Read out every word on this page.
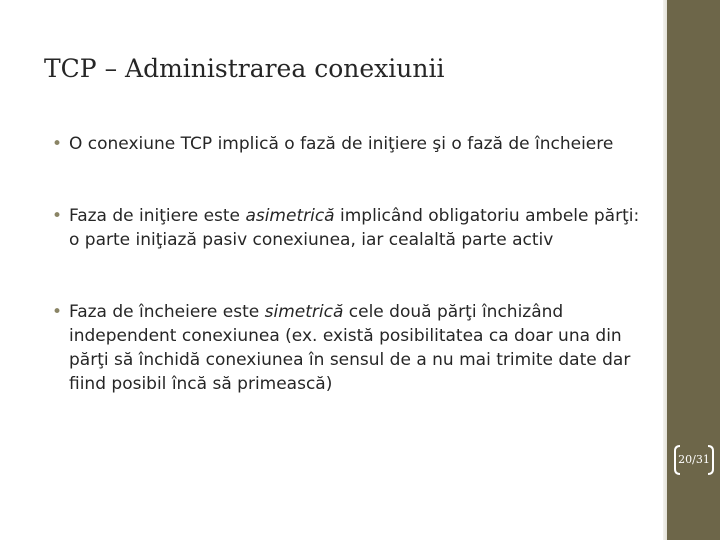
TCP – Administrarea conexiunii
• O conexiune TCP implică o fază de iniţiere şi o fază de încheiere
• Faza de iniţiere este asimetrică implicând obligatoriu ambele părţi: o parte iniţiază pasiv conexiunea, iar cealaltă parte activ
• Faza de încheiere este simetrică cele două părţi închizând independent conexiunea (ex. există posibilitatea ca doar una din părţi să închidă conexiunea în sensul de a nu mai trimite date dar fiind posibil încă să primească)
20/31
